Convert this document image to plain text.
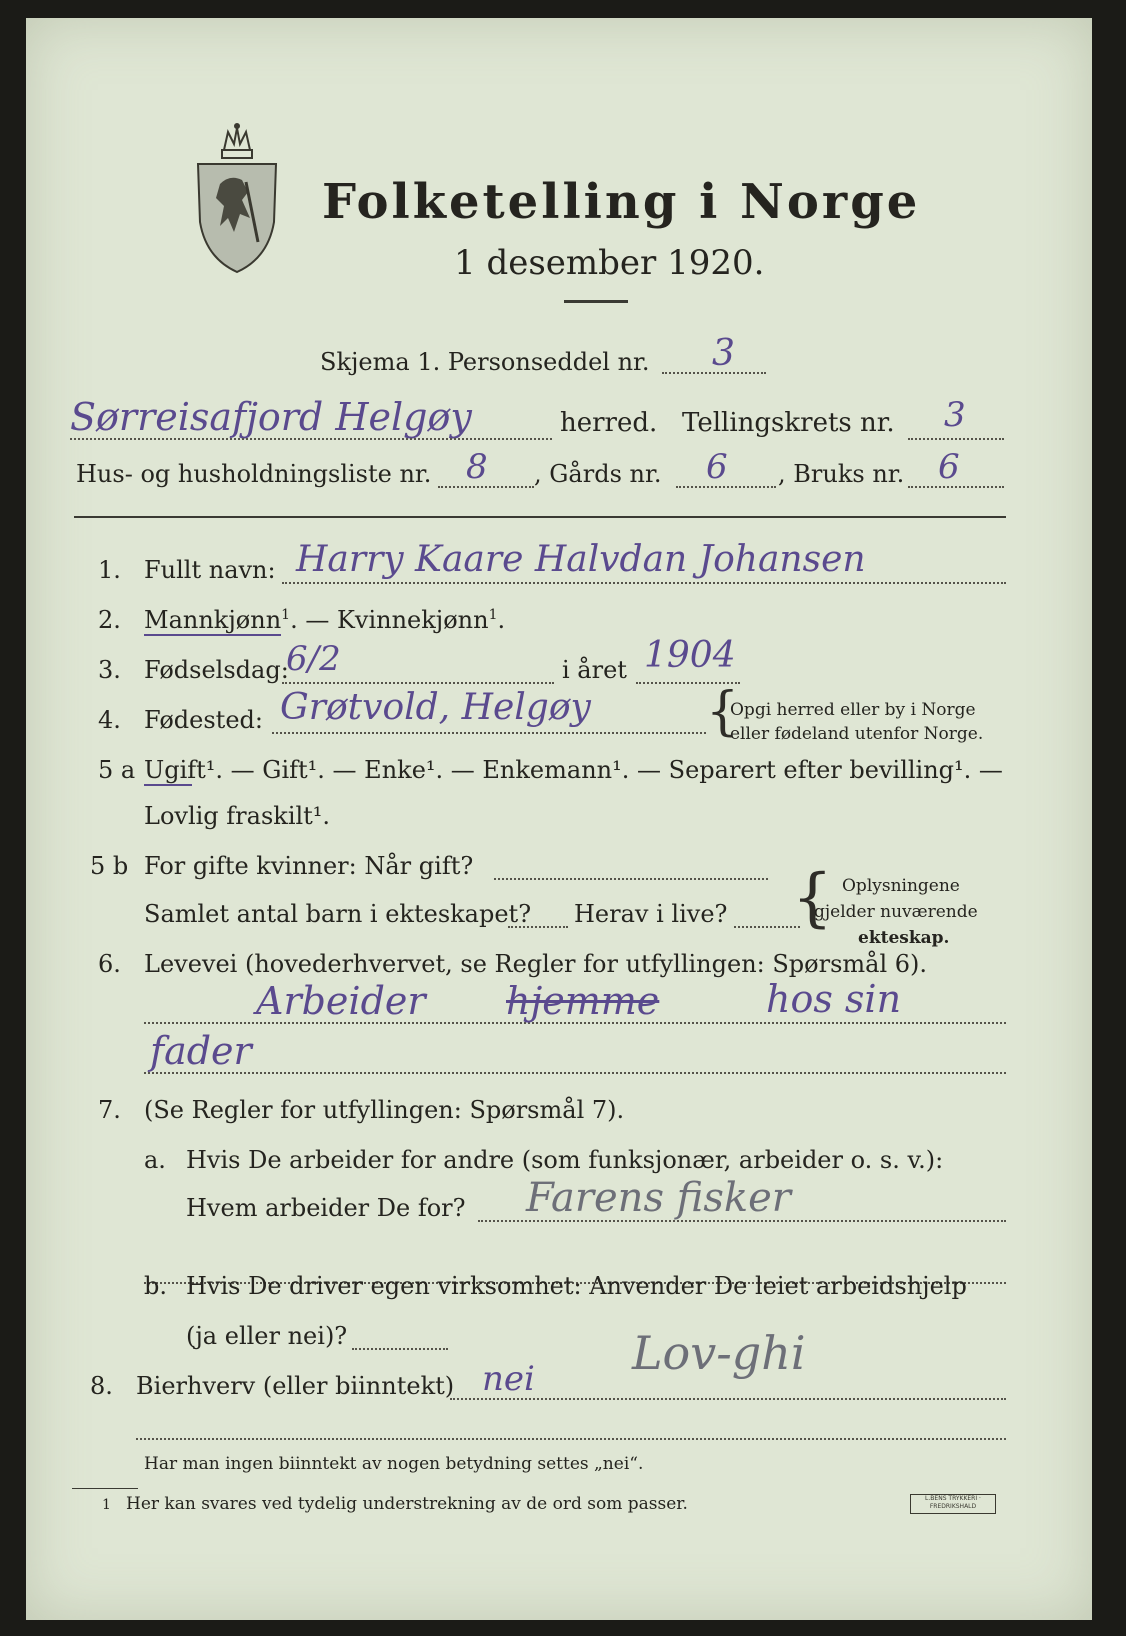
Folketelling i Norge
1 desember 1920.
Skjema 1. Personseddel nr. 3
Sørreisafjord Helgøy	herred. Tellingskrets nr. 3
Hus- og husholdningsliste nr. 8 , Gårds nr. 6 , Bruks nr. 6
1. Fullt navn: Harry Kaare Halvdan Johansen
2. Mannkjønn$^1$. — Kvinnekjønn$^1$.
3. Fødselsdag:
6/2	i året 1904
4. Fødested: Grøtvold, Helgøy {
Opgi herred eller by i Norge
eller fødeland utenfor Norge.
5 a Ugift¹. — Gift¹. — Enke¹. — Enkemann¹. — Separert efter bevilling¹. —
Lovlig fraskilt¹.
5 b For gifte kvinner: Når gift?
Samlet antal barn i ekteskapet? Herav i live? { Oplysningene
gjelder nuværende
ekteskap.
6. Levevei (hovederhvervet, se Regler for utfyllingen: Spørsmål 6).
Arbeider hjemme	hos sin
fader
7. (Se Regler for utfyllingen: Spørsmål 7).
a. Hvis De arbeider for andre (som funksjonær, arbeider o. s. v.):
Hvem arbeider De for? Farens fisker
b. Hvis De driver egen virksomhet: Anvender De leiet arbeidshjelp
(ja eller nei)?
8. Bierhverv (eller biinntekt) nei Lov-ghi
Har man ingen biinntekt av nogen betydning settes „nei“.
1 Her kan svares ved tydelig understrekning av de ord som passer.	L.BENS TRYKKERI · FREDRIKSHALD
